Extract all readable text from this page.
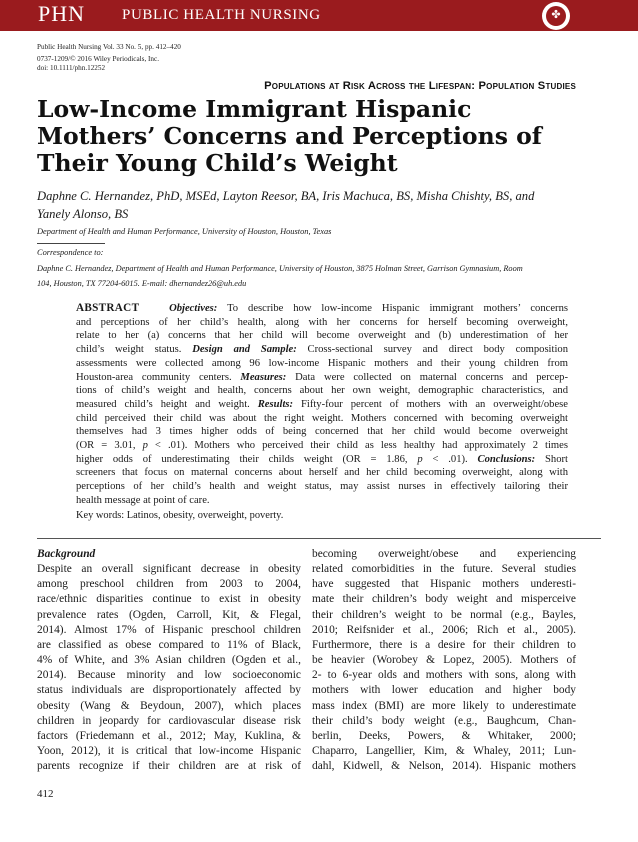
PHN PUBLIC HEALTH NURSING	✤
Public Health Nursing Vol. 33 No. 5, pp. 412–420
0737-1209/© 2016 Wiley Periodicals, Inc.
doi: 10.1111/phn.12252
Populations at Risk Across the Lifespan: Population Studies
Low-Income Immigrant Hispanic
Mothers’ Concerns and Perceptions of
Their Young Child’s Weight
Daphne C. Hernandez, PhD, MSEd, Layton Reesor, BA, Iris Machuca, BS, Misha Chishty, BS, and
Yanely Alonso, BS
Department of Health and Human Performance, University of Houston, Houston, Texas
Correspondence to:
Daphne C. Hernandez, Department of Health and Human Performance, University of Houston, 3875 Holman Street, Garrison Gymnasium, Room
104, Houston, TX 77204-6015. E-mail: dhernandez26@uh.edu
ABSTRACT	Objectives: To describe how low-income Hispanic immigrant mothers’ concerns
and perceptions of her child’s health, along with her concerns for herself becoming overweight,
relate to her (a) concerns that her child will become overweight and (b) underestimation of her
child’s weight status. Design and Sample: Cross-sectional survey and direct body composition
assessments were collected among 96 low-income Hispanic mothers and their young children from
Houston-area community centers. Measures: Data were collected on maternal concerns and percep-
tions of child’s weight and health, concerns about her own weight, demographic characteristics, and
measured child’s height and weight. Results: Fifty-four percent of mothers with an overweight/obese
child perceived their child was about the right weight. Mothers concerned with becoming overweight
themselves had 3 times higher odds of being concerned that her child would become overweight
(OR = 3.01, p < .01). Mothers who perceived their child as less healthy had approximately 2 times
higher odds of underestimating their childs weight (OR = 1.86, p < .01). Conclusions: Short
screeners that focus on maternal concerns about herself and her child becoming overweight, along with
perceptions of her child’s health and weight status, may assist nurses in effectively tailoring their
health message at point of care.
Key words: Latinos, obesity, overweight, poverty.
Background
Despite an overall significant decrease in obesity
among preschool children from 2003 to 2004,
race/ethnic disparities continue to exist in obesity
prevalence rates (Ogden, Carroll, Kit, & Flegal,
2014). Almost 17% of Hispanic preschool children
are classified as obese compared to 11% of Black,
4% of White, and 3% Asian children (Ogden et al.,
2014). Because minority and low socioeconomic
status individuals are disproportionately affected by
obesity (Wang & Beydoun, 2007), which places
children in jeopardy for cardiovascular disease risk
factors (Friedemann et al., 2012; May, Kuklina, &
Yoon, 2012), it is critical that low-income Hispanic
parents recognize if their children are at risk of
becoming overweight/obese and experiencing
related comorbidities in the future. Several studies
have suggested that Hispanic mothers underesti-
mate their children’s body weight and misperceive
their children’s weight to be normal (e.g., Bayles,
2010; Reifsnider et al., 2006; Rich et al., 2005).
Furthermore, there is a desire for their children to
be heavier (Worobey & Lopez, 2005). Mothers of
2- to 6-year olds and mothers with sons, along with
mothers with lower education and higher body
mass index (BMI) are more likely to underestimate
their child’s body weight (e.g., Baughcum, Chan-
berlin, Deeks, Powers, & Whitaker, 2000;
Chaparro, Langellier, Kim, & Whaley, 2011; Lun-
dahl, Kidwell, & Nelson, 2014). Hispanic mothers
412
